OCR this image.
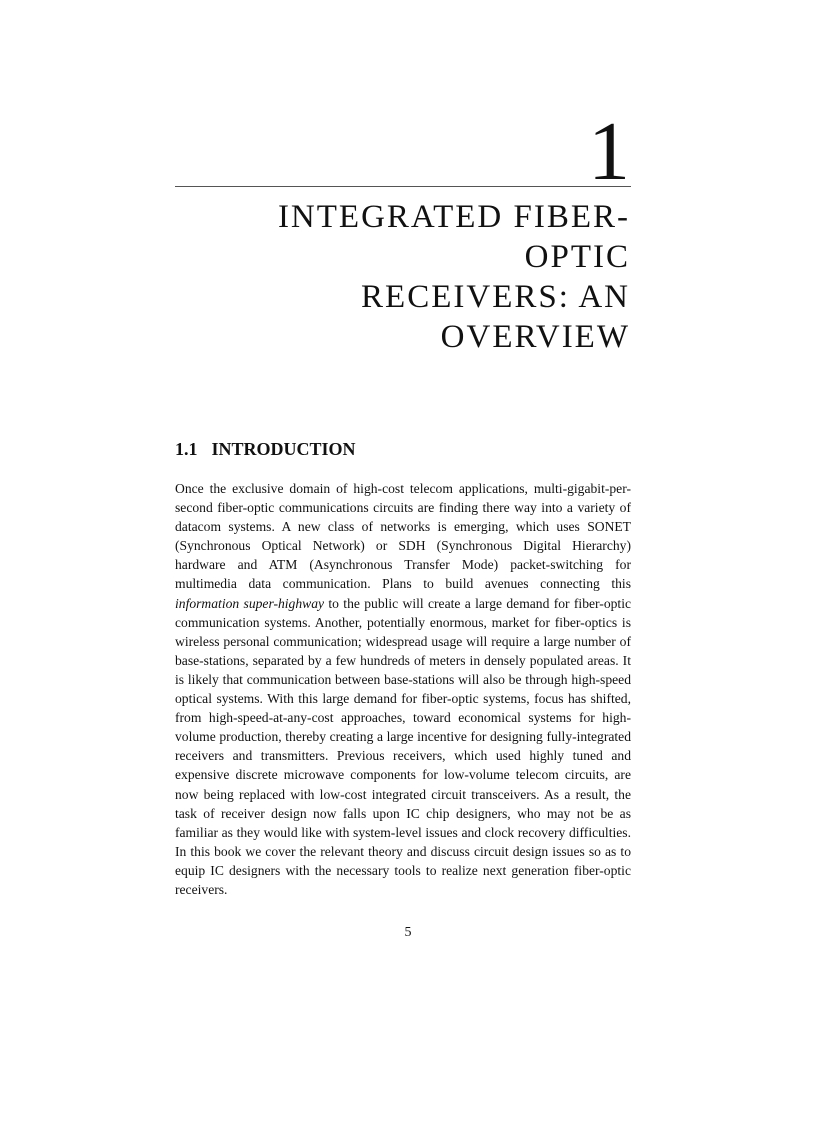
1
INTEGRATED FIBER-OPTIC
RECEIVERS: AN OVERVIEW
1.1 INTRODUCTION

Once the exclusive domain of high-cost telecom applications, multi-gigabit-per-second fiber-optic communications circuits are finding there way into a variety of datacom systems. A new class of networks is emerging, which uses SONET (Synchronous Optical Network) or SDH (Synchronous Digital Hierarchy) hardware and ATM (Asynchronous Transfer Mode) packet-switching for multimedia data communication. Plans to build avenues connecting this information super-highway to the public will create a large demand for fiber-optic communication systems. Another, potentially enormous, market for fiber-optics is wireless personal communication; widespread usage will require a large number of base-stations, separated by a few hundreds of meters in densely populated areas. It is likely that communication between base-stations will also be through high-speed optical systems. With this large demand for fiber-optic systems, focus has shifted, from high-speed-at-any-cost approaches, toward economical systems for high-volume production, thereby creating a large incentive for designing fully-integrated receivers and transmitters. Previous receivers, which used highly tuned and expensive discrete microwave components for low-volume telecom circuits, are now being replaced with low-cost integrated circuit transceivers. As a result, the task of receiver design now falls upon IC chip designers, who may not be as familiar as they would like with system-level issues and clock recovery difficulties. In this book we cover the relevant theory and discuss circuit design issues so as to equip IC designers with the necessary tools to realize next generation fiber-optic receivers.

5
